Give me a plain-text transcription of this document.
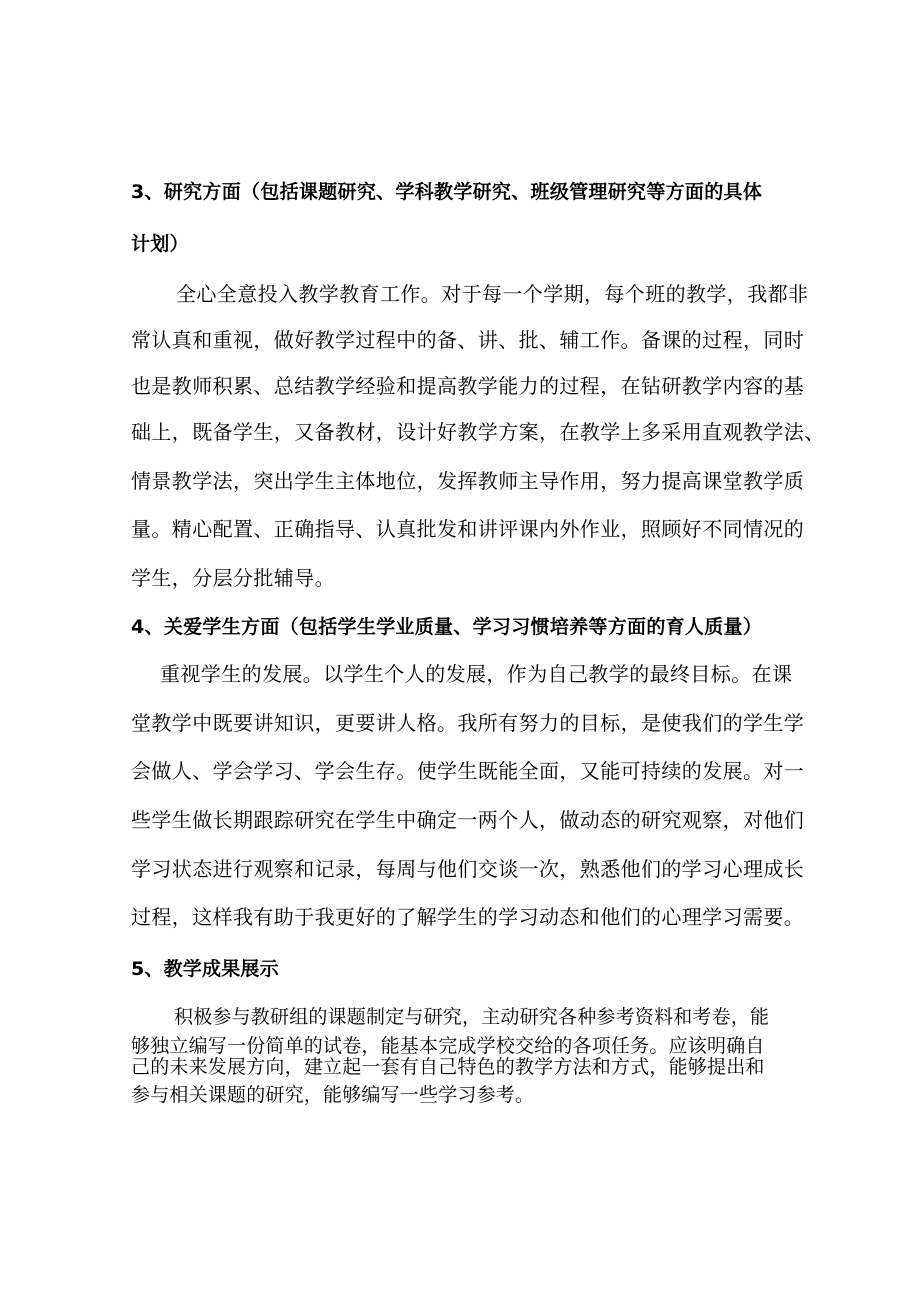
3、研究方面（包括课题研究、学科教学研究、班级管理研究等方面的具体
计划）
全心全意投入教学教育工作。对于每一个学期，每个班的教学，我都非
常认真和重视，做好教学过程中的备、讲、批、辅工作。备课的过程，同时
也是教师积累、总结教学经验和提高教学能力的过程，在钻研教学内容的基
础上，既备学生，又备教材，设计好教学方案，在教学上多采用直观教学法、
情景教学法，突出学生主体地位，发挥教师主导作用，努力提高课堂教学质
量。精心配置、正确指导、认真批发和讲评课内外作业，照顾好不同情况的
学生，分层分批辅导。
4、关爱学生方面（包括学生学业质量、学习习惯培养等方面的育人质量）
重视学生的发展。以学生个人的发展，作为自己教学的最终目标。在课
堂教学中既要讲知识，更要讲人格。我所有努力的目标，是使我们的学生学
会做人、学会学习、学会生存。使学生既能全面，又能可持续的发展。对一
些学生做长期跟踪研究在学生中确定一两个人，做动态的研究观察，对他们
学习状态进行观察和记录，每周与他们交谈一次，熟悉他们的学习心理成长
过程，这样我有助于我更好的了解学生的学习动态和他们的心理学习需要。
5、教学成果展示
积极参与教研组的课题制定与研究，主动研究各种参考资料和考卷，能
够独立编写一份简单的试卷，能基本完成学校交给的各项任务。应该明确自
己的未来发展方向，建立起一套有自己特色的教学方法和方式，能够提出和
参与相关课题的研究，能够编写一些学习参考。
